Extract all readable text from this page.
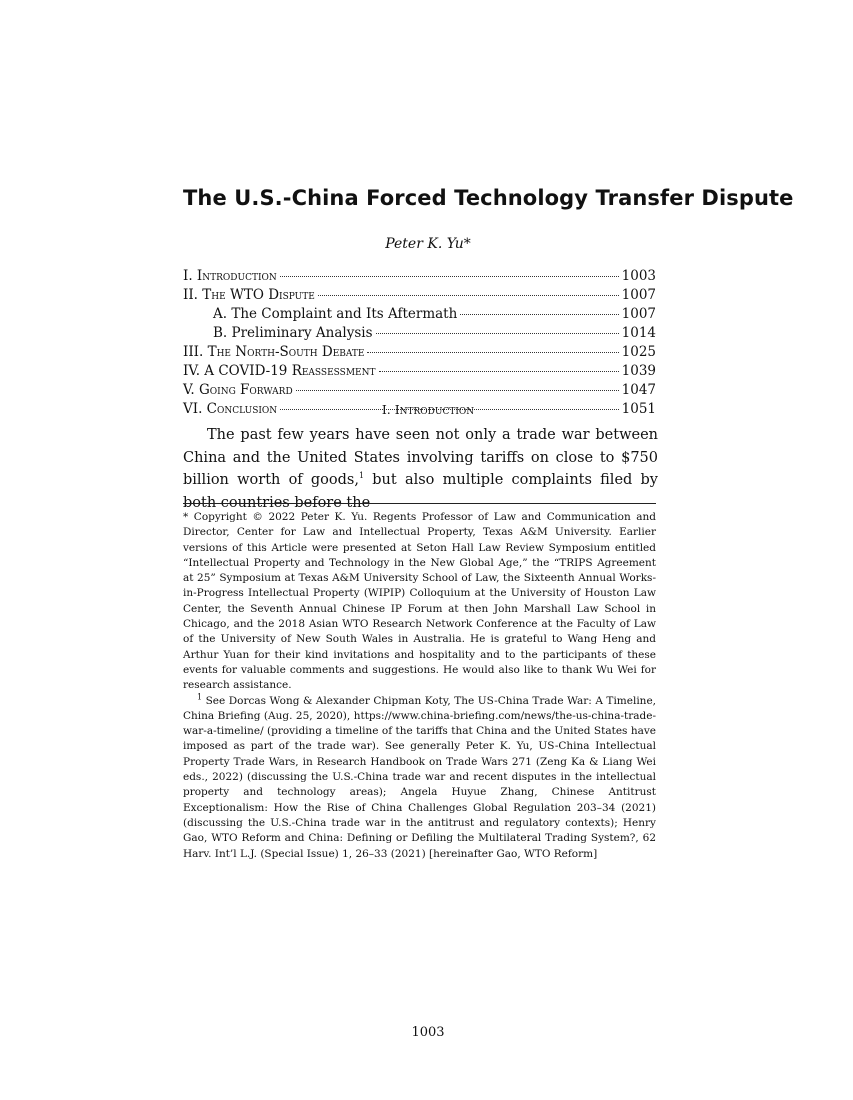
The U.S.-China Forced Technology Transfer Dispute
Peter K. Yu*
I. Introduction	1003
II. The WTO Dispute	1007
A. The Complaint and Its Aftermath	1007
B. Preliminary Analysis	1014
III. The North-South Debate	1025
IV. A COVID-19 Reassessment	1039
V. Going Forward	1047
VI. Conclusion	1051
I. Introduction

The past few years have seen not only a trade war between China and the United States involving tariffs on close to $750 billion worth of goods,$^1$ but also multiple complaints filed by both countries before the

* Copyright © 2022 Peter K. Yu. Regents Professor of Law and Communication and Director, Center for Law and Intellectual Property, Texas A&M University. Earlier versions of this Article were presented at Seton Hall Law Review Symposium entitled “Intellectual Property and Technology in the New Global Age,” the “TRIPS Agreement at 25” Symposium at Texas A&M University School of Law, the Sixteenth Annual Works-in-Progress Intellectual Property (WIPIP) Colloquium at the University of Houston Law Center, the Seventh Annual Chinese IP Forum at then John Marshall Law School in Chicago, and the 2018 Asian WTO Research Network Conference at the Faculty of Law of the University of New South Wales in Australia. He is grateful to Wang Heng and Arthur Yuan for their kind invitations and hospitality and to the participants of these events for valuable comments and suggestions. He would also like to thank Wu Wei for research assistance.

$^1$ See Dorcas Wong & Alexander Chipman Koty, The US-China Trade War: A Timeline, China Briefing (Aug. 25, 2020), https://www.china-briefing.com/news/the-us-china-trade-war-a-timeline/ (providing a timeline of the tariffs that China and the United States have imposed as part of the trade war). See generally Peter K. Yu, US-China Intellectual Property Trade Wars, in Research Handbook on Trade Wars 271 (Zeng Ka & Liang Wei eds., 2022) (discussing the U.S.-China trade war and recent disputes in the intellectual property and technology areas); Angela Huyue Zhang, Chinese Antitrust Exceptionalism: How the Rise of China Challenges Global Regulation 203–34 (2021) (discussing the U.S.-China trade war in the antitrust and regulatory contexts); Henry Gao, WTO Reform and China: Defining or Defiling the Multilateral Trading System?, 62 Harv. Int’l L.J. (Special Issue) 1, 26–33 (2021) [hereinafter Gao, WTO Reform]

1003
